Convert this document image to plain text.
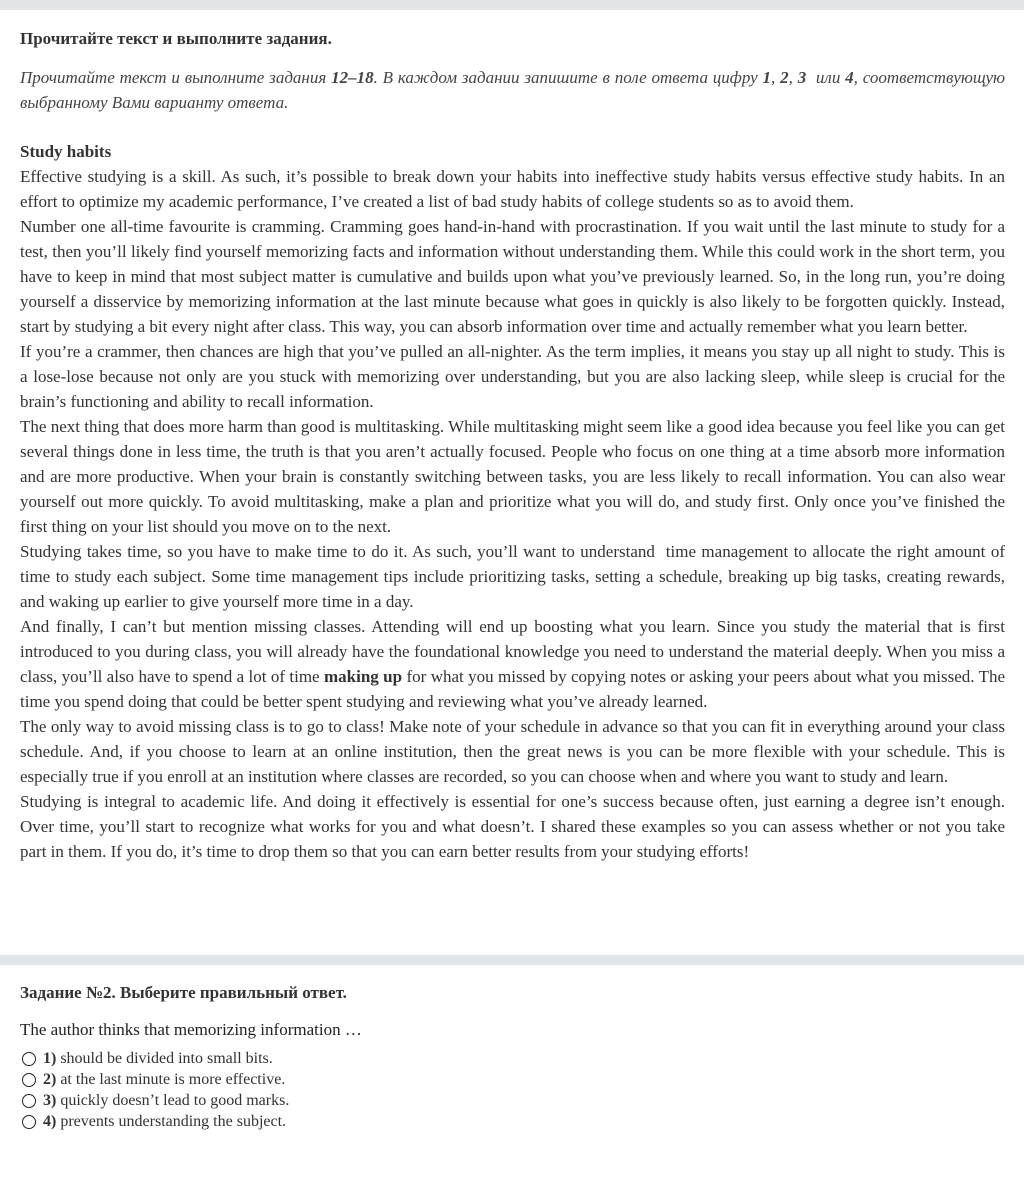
Прочитайте текст и выполните задания.

Прочитайте текст и выполните задания 12–18. В каждом задании запишите в поле ответа цифру 1, 2, 3  или 4, соответствующую выбранному Вами варианту ответа.

Study habits

Effective studying is a skill. As such, it’s possible to break down your habits into ineffective study habits versus effective study habits. In an effort to optimize my academic performance, I’ve created a list of bad study habits of college students so as to avoid them.

Number one all-time favourite is cramming. Cramming goes hand-in-hand with procrastination. If you wait until the last minute to study for a test, then you’ll likely find yourself memorizing facts and information without understanding them. While this could work in the short term, you have to keep in mind that most subject matter is cumulative and builds upon what you’ve previously learned. So, in the long run, you’re doing yourself a disservice by memorizing information at the last minute because what goes in quickly is also likely to be forgotten quickly. Instead, start by studying a bit every night after class. This way, you can absorb information over time and actually remember what you learn better.

If you’re a crammer, then chances are high that you’ve pulled an all-nighter. As the term implies, it means you stay up all night to study. This is a lose-lose because not only are you stuck with memorizing over understanding, but you are also lacking sleep, while sleep is crucial for the brain’s functioning and ability to recall information.

The next thing that does more harm than good is multitasking. While multitasking might seem like a good idea because you feel like you can get several things done in less time, the truth is that you aren’t actually focused. People who focus on one thing at a time absorb more information and are more productive. When your brain is constantly switching between tasks, you are less likely to recall information. You can also wear yourself out more quickly. To avoid multitasking, make a plan and prioritize what you will do, and study first. Only once you’ve finished the first thing on your list should you move on to the next.

Studying takes time, so you have to make time to do it. As such, you’ll want to understand  time management to allocate the right amount of time to study each subject. Some time management tips include prioritizing tasks, setting a schedule, breaking up big tasks, creating rewards, and waking up earlier to give yourself more time in a day.

And finally, I can’t but mention missing classes. Attending will end up boosting what you learn. Since you study the material that is first introduced to you during class, you will already have the foundational knowledge you need to understand the material deeply. When you miss a class, you’ll also have to spend a lot of time making up for what you missed by copying notes or asking your peers about what you missed. The time you spend doing that could be better spent studying and reviewing what you’ve already learned.

The only way to avoid missing class is to go to class! Make note of your schedule in advance so that you can fit in everything around your class schedule. And, if you choose to learn at an online institution, then the great news is you can be more flexible with your schedule. This is especially true if you enroll at an institution where classes are recorded, so you can choose when and where you want to study and learn.

Studying is integral to academic life. And doing it effectively is essential for one’s success because often, just earning a degree isn’t enough. Over time, you’ll start to recognize what works for you and what doesn’t. I shared these examples so you can assess whether or not you take part in them. If you do, it’s time to drop them so that you can earn better results from your studying efforts!

Задание №2. Выберите правильный ответ.

The author thinks that memorizing information …

1) should be divided into small bits.
2) at the last minute is more effective.
3) quickly doesn’t lead to good marks.
4) prevents understanding the subject.
